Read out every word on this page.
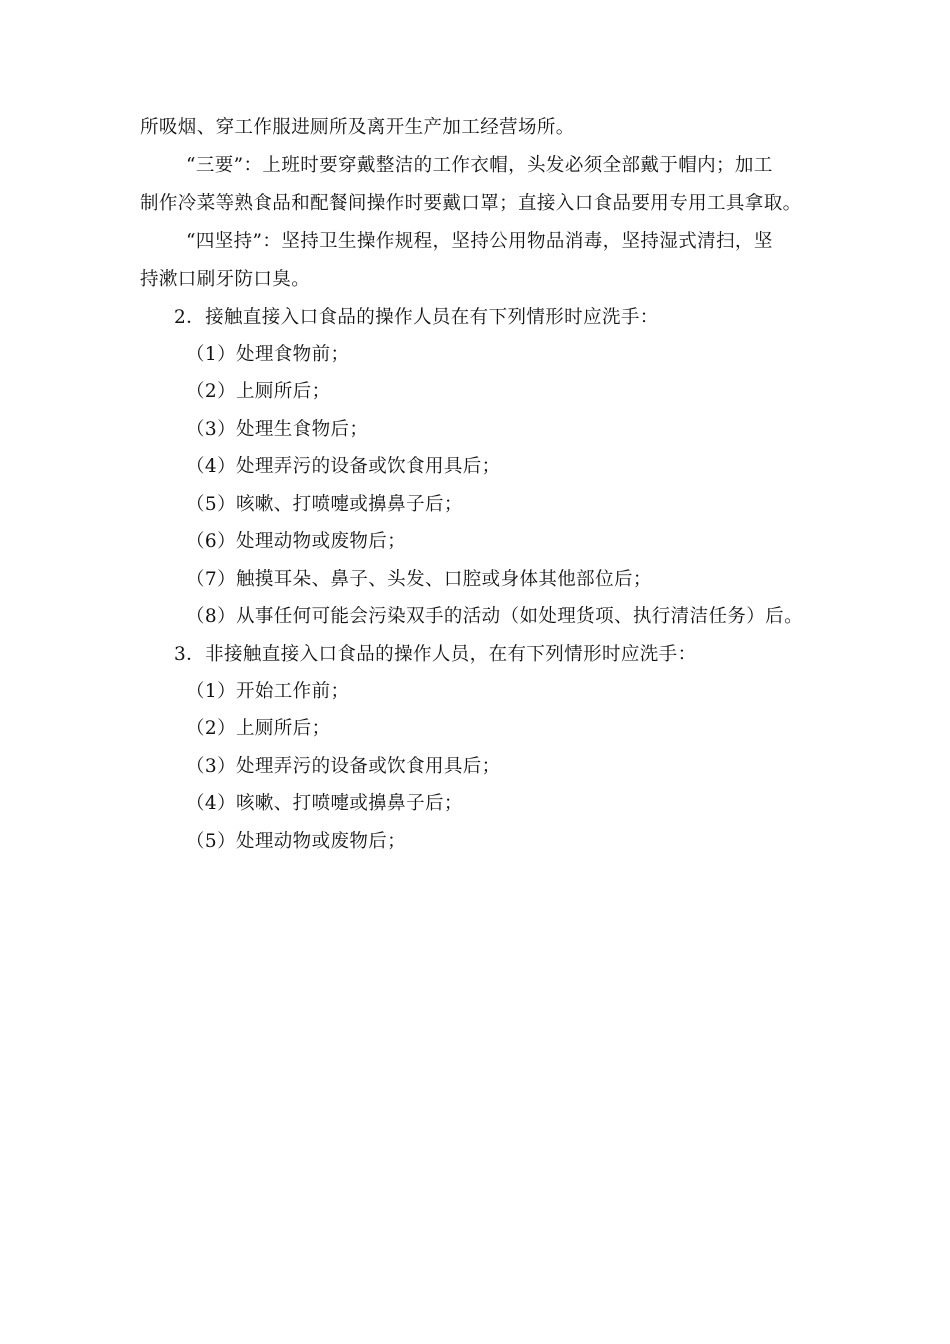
所吸烟、穿工作服进厕所及离开生产加工经营场所。
“三要”：上班时要穿戴整洁的工作衣帽，头发必须全部戴于帽内；加工
制作冷菜等熟食品和配餐间操作时要戴口罩；直接入口食品要用专用工具拿取。
“四坚持”：坚持卫生操作规程，坚持公用物品消毒，坚持湿式清扫，坚
持漱口刷牙防口臭。
2．接触直接入口食品的操作人员在有下列情形时应洗手：
（1）处理食物前；
（2）上厕所后；
（3）处理生食物后；
（4）处理弄污的设备或饮食用具后；
（5）咳嗽、打喷嚏或擤鼻子后；
（6）处理动物或废物后；
（7）触摸耳朵、鼻子、头发、口腔或身体其他部位后；
（8）从事任何可能会污染双手的活动（如处理货项、执行清洁任务）后。
3．非接触直接入口食品的操作人员，在有下列情形时应洗手：
（1）开始工作前；
（2）上厕所后；
（3）处理弄污的设备或饮食用具后；
（4）咳嗽、打喷嚏或擤鼻子后；
（5）处理动物或废物后；
